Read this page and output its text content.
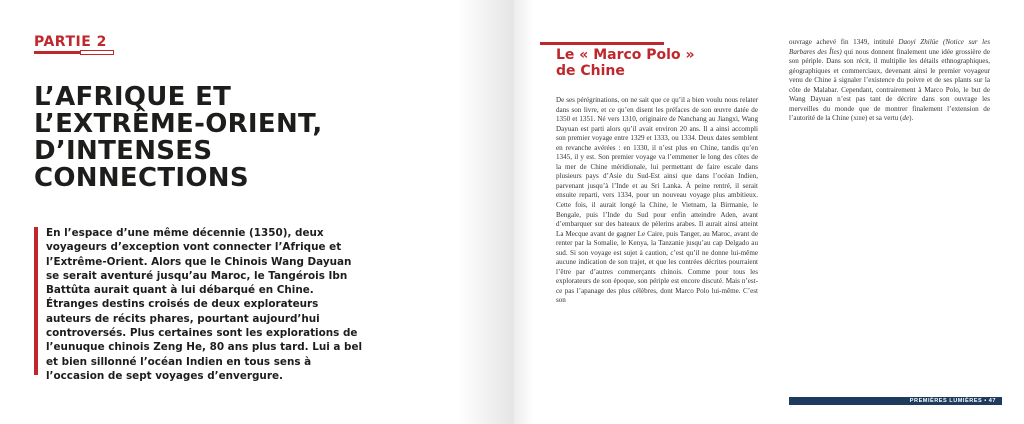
PARTIE 2
L’AFRIQUE ET
L’EXTRÊME-ORIENT,
D’INTENSES
CONNECTIONS

En l’espace d’une même décennie (1350), deux voyageurs d’exception vont connecter l’Afrique et l’Extrême-Orient. Alors que le Chinois Wang Dayuan se serait aventuré jusqu’au Maroc, le Tangérois Ibn Battûta aurait quant à lui débarqué en Chine. Étranges destins croisés de deux explorateurs auteurs de récits phares, pourtant aujourd’hui controversés. Plus certaines sont les explorations de l’eunuque chinois Zeng He, 80 ans plus tard. Lui a bel et bien sillonné l’océan Indien en tous sens à l’occasion de sept voyages d’envergure.

Le « Marco Polo »
de Chine

De ses pérégrinations, on ne sait que ce qu’il a bien voulu nous relater dans son livre, et ce qu’en disent les préfaces de son œuvre datée de 1350 et 1351. Né vers 1310, originaire de Nanchang au Jiangxi, Wang Dayuan est parti alors qu’il avait environ 20 ans. Il a ainsi accompli son premier voyage entre 1329 et 1333, ou 1334. Deux dates semblent en revanche avérées : en 1330, il n’est plus en Chine, tandis qu’en 1345, il y est. Son premier voyage va l’emmener le long des côtes de la mer de Chine méridionale, lui permettant de faire escale dans plusieurs pays d’Asie du Sud-Est ainsi que dans l’océan Indien, parvenant jusqu’à l’Inde et au Sri Lanka. À peine rentré, il serait ensuite reparti, vers 1334, pour un nouveau voyage plus ambitieux. Cette fois, il aurait longé la Chine, le Vietnam, la Birmanie, le Bengale, puis l’Inde du Sud pour enfin atteindre Aden, avant d’embarquer sur des bateaux de pèlerins arabes. Il aurait ainsi atteint La Mecque avant de gagner Le Caire, puis Tanger, au Maroc, avant de renter par la Somalie, le Kenya, la Tanzanie jusqu’au cap Delgado au sud. Si son voyage est sujet à caution, c’est qu’il ne donne lui-même aucune indication de son trajet, et que les contrées décrites pourraient l’être par d’autres commerçants chinois. Comme pour tous les explorateurs de son époque, son périple est encore discuté. Mais n’est-ce pas l’apanage des plus célèbres, dont Marco Polo lui-même. C’est son

ouvrage achevé fin 1349, intitulé Daoyi Zhilüe (Notice sur les Barbares des Îles) qui nous donnent finalement une idée grossière de son périple. Dans son récit, il multiplie les détails ethnographiques, géographiques et commerciaux, devenant ainsi le premier voyageur venu de Chine à signaler l’existence du poivre et de ses plants sur la côte de Malabar. Cependant, contrairement à Marco Polo, le but de Wang Dayuan n’est pas tant de décrire dans son ouvrage les merveilles du monde que de montrer finalement l’extension de l’autorité de la Chine (xiiie) et sa vertu (de).

PREMIÈRES LUMIÈRES • 47
